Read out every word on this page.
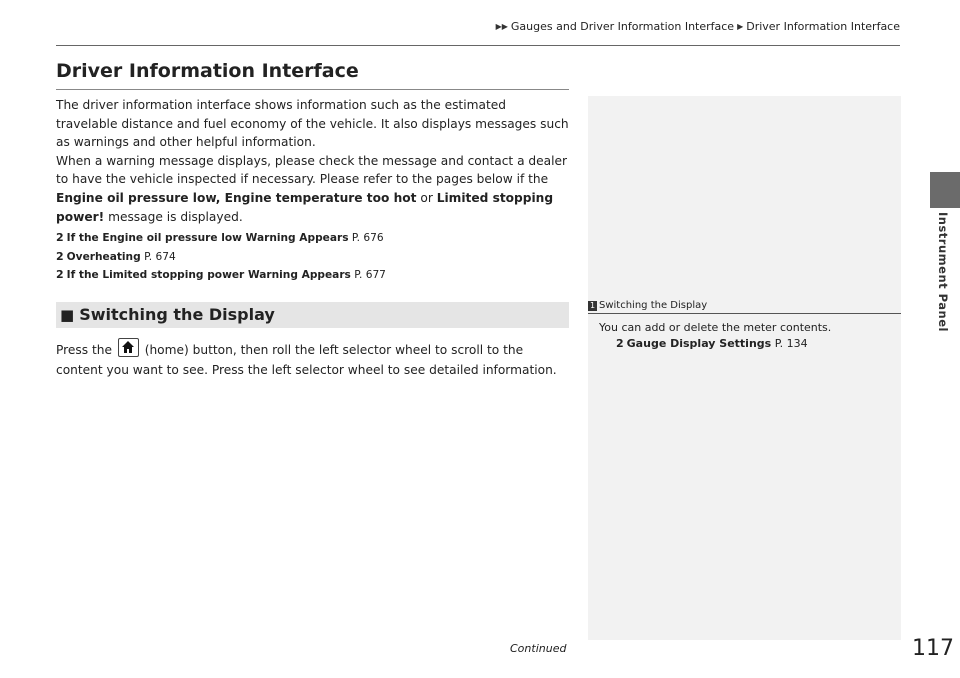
▶▶ Gauges and Driver Information Interface ▶ Driver Information Interface
Instrument Panel
Driver Information Interface

The driver information interface shows information such as the estimated travelable distance and fuel economy of the vehicle. It also displays messages such as warnings and other helpful information.

When a warning message displays, please check the message and contact a dealer to have the vehicle inspected if necessary. Please refer to the pages below if the Engine oil pressure low, Engine temperature too hot or Limited stopping power! message is displayed.

2 If the Engine oil pressure low Warning Appears P. 676
2 Overheating P. 674
2 If the Limited stopping power Warning Appears P. 677
■ Switching the Display

Press the
(home) button, then roll the left selector wheel to scroll to the content you want to see. Press the left selector wheel to see detailed information.

1 Switching the Display
You can add or delete the meter contents.
2 Gauge Display Settings P. 134
Continued	117
